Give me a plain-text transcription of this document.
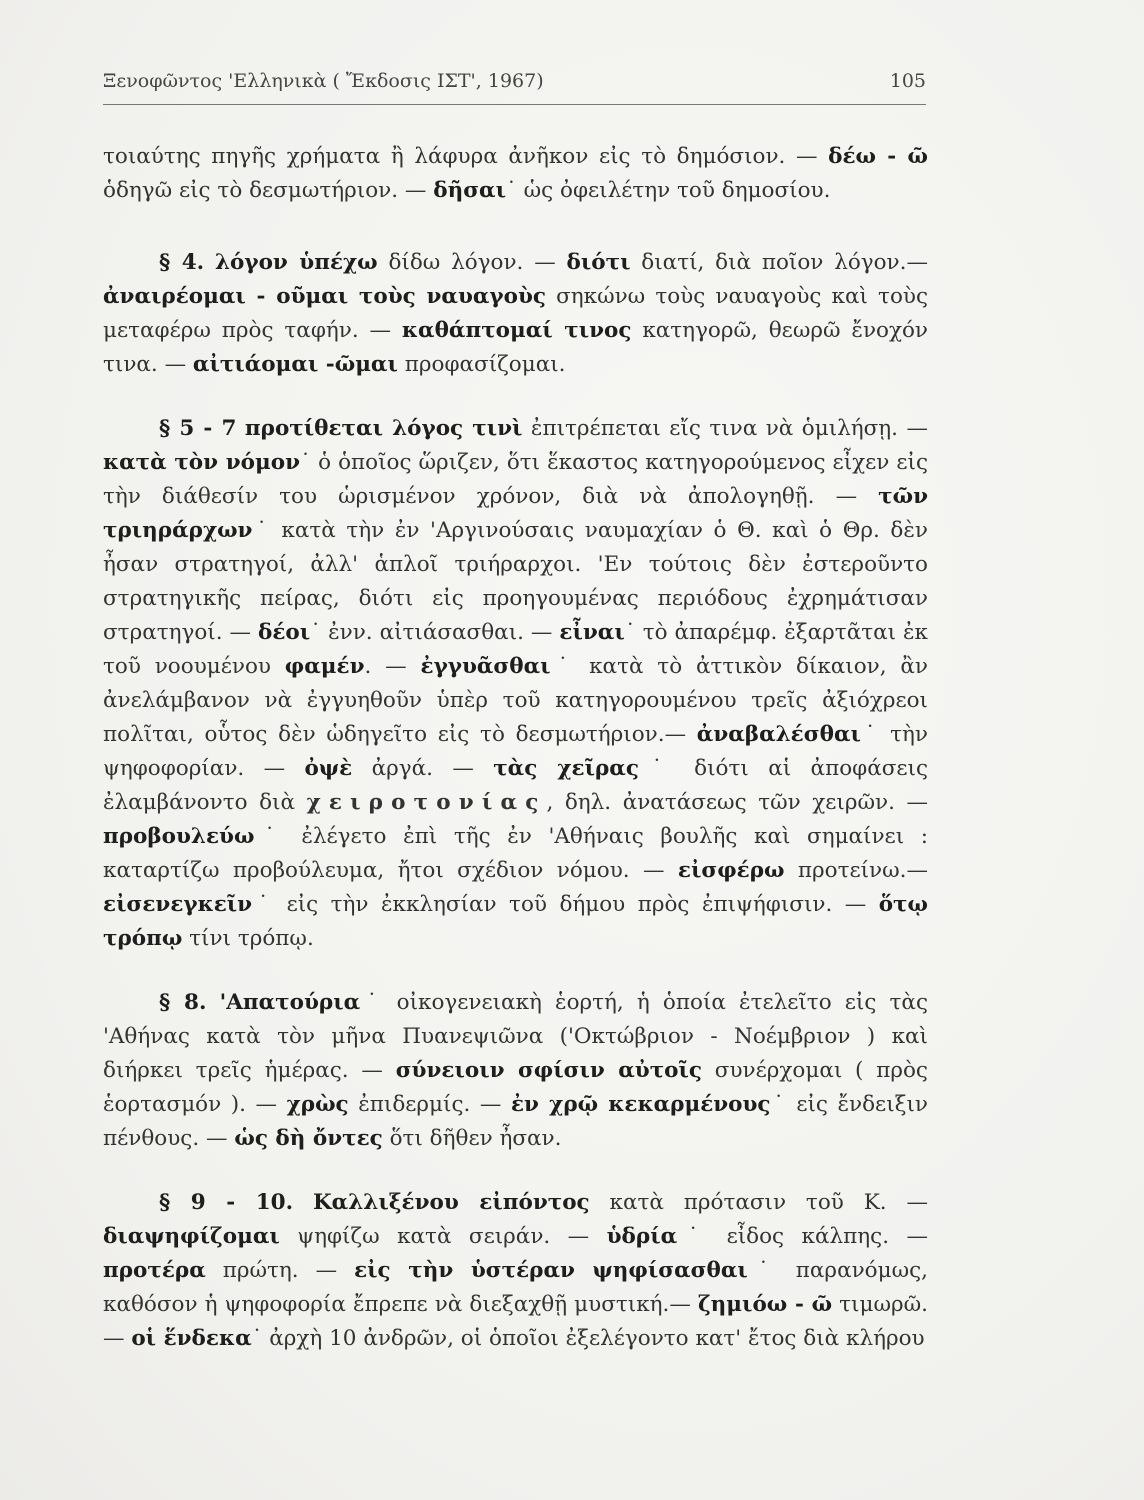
Ξενοφῶντος 'Ελληνικὰ ( Ἔκδοσις ΙΣΤ', 1967)	105

τοιαύτης πηγῆς χρήματα ἢ λάφυρα ἀνῆκον εἰς τὸ δημόσιον. — δέω - ῶ ὁδηγῶ εἰς τὸ δεσμωτήριον. — δῆσαι˙ ὡς ὀφειλέτην τοῦ δημοσίου.

§ 4. λόγον ὑπέχω δίδω λόγον. — διότι διατί, διὰ ποῖον λόγον.—ἀναιρέομαι - οῦμαι τοὺς ναυαγοὺς σηκώνω τοὺς ναυαγοὺς καὶ τοὺς μεταφέρω πρὸς ταφήν. — καθάπτομαί τινος κατηγορῶ, θεωρῶ ἔνοχόν τινα. — αἰτιάομαι -ῶμαι προφασίζομαι.

§ 5 - 7 προτίθεται λόγος τινὶ ἐπιτρέπεται εἴς τινα νὰ ὁμιλήσῃ. — κατὰ τὸν νόμον˙ ὁ ὁποῖος ὥριζεν, ὅτι ἕκαστος κατηγορούμενος εἶχεν εἰς τὴν διάθεσίν του ὡρισμένον χρόνον, διὰ νὰ ἀπολογηθῇ. — τῶν τριηράρχων˙ κατὰ τὴν ἐν 'Αργινούσαις ναυμαχίαν ὁ Θ. καὶ ὁ Θρ. δὲν ἦσαν στρατηγοί, ἀλλ' ἁπλοῖ τριήραρχοι. 'Εν τούτοις δὲν ἐστεροῦντο στρατηγικῆς πείρας, διότι εἰς προηγουμένας περιόδους ἐχρημάτισαν στρατηγοί. — δέοι˙ ἐνν. αἰτιάσασθαι. — εἶναι˙ τὸ ἀπαρέμφ. ἐξαρτᾶται ἐκ τοῦ νοουμένου φαμέν. — ἐγγυᾶσθαι˙ κατὰ τὸ ἀττικὸν δίκαιον, ἂν ἀνελάμβανον νὰ ἐγγυηθοῦν ὑπὲρ τοῦ κατηγορουμένου τρεῖς ἀξιόχρεοι πολῖται, οὗτος δὲν ὡδηγεῖτο εἰς τὸ δεσμωτήριον.— ἀναβαλέσθαι˙ τὴν ψηφοφορίαν. — ὀψὲ ἀργά. — τὰς χεῖρας˙ διότι αἱ ἀποφάσεις ἐλαμβάνοντο διὰ χειροτονίας, δηλ. ἀνατάσεως τῶν χειρῶν. — προβουλεύω˙ ἐλέγετο ἐπὶ τῆς ἐν 'Αθήναις βουλῆς καὶ σημαίνει : καταρτίζω προβούλευμα, ἤτοι σχέδιον νόμου. — εἰσφέρω προτείνω.— εἰσενεγκεῖν˙ εἰς τὴν ἐκκλησίαν τοῦ δήμου πρὸς ἐπιψήφισιν. — ὅτῳ τρόπῳ τίνι τρόπῳ.

§ 8. 'Απατούρια˙ οἰκογενειακὴ ἑορτή, ἡ ὁποία ἐτελεῖτο εἰς τὰς 'Αθήνας κατὰ τὸν μῆνα Πυανεψιῶνα ('Οκτώβριον - Νοέμβριον ) καὶ διήρκει τρεῖς ἡμέρας. — σύνειοιν σφίσιν αὐτοῖς συνέρχομαι ( πρὸς ἑορτασμόν ). — χρὼς ἐπιδερμίς. — ἐν χρῷ κεκαρμένους˙ εἰς ἔνδειξιν πένθους. — ὡς δὴ ὄντες ὅτι δῆθεν ἦσαν.

§ 9 - 10. Καλλιξένου εἰπόντος κατὰ πρότασιν τοῦ Κ. — διαψηφίζομαι ψηφίζω κατὰ σειράν. — ὑδρία˙ εἶδος κάλπης. — προτέρα πρώτη. — εἰς τὴν ὑστέραν ψηφίσασθαι˙ παρανόμως, καθόσον ἡ ψηφοφορία ἔπρεπε νὰ διεξαχθῇ μυστική.— ζημιόω - ῶ τιμωρῶ. — οἱ ἕνδεκα˙ ἀρχὴ 10 ἀνδρῶν, οἱ ὁποῖοι ἐξελέγοντο κατ' ἔτος διὰ κλήρου
